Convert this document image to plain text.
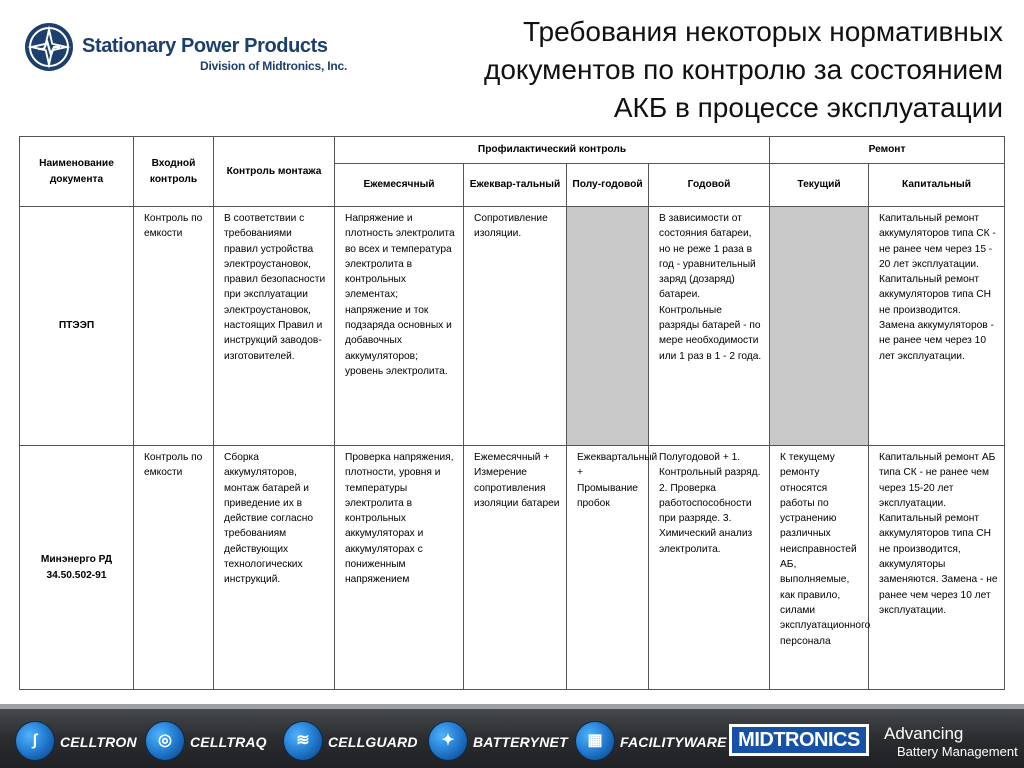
Stationary Power Products
Division of Midtronics, Inc.
Требования некоторых нормативных
документов по контролю за состоянием
АКБ в процессе эксплуатации
Наименование документа	Входной контроль	Контроль монтажа	Профилактический контроль				Ремонт	
			Ежемесячный	Ежеквар-тальный	Полу-годовой	Годовой	Текущий	Капитальный
ПТЭЭП	Контроль по емкости	В соответствии с требованиями правил устройства электроустановок, правил безопасности при эксплуатации электроустановок, настоящих Правил и инструкций заводов-изготовителей.	Напряжение и плотность электролита во всех и температура электролита в контрольных элементах; напряжение и ток подзаряда основных и добавочных аккумуляторов; уровень электролита.	Сопротивление изоляции.		В зависимости от состояния батареи, но не реже 1 раза в год - уравнительный заряд (дозаряд) батареи. Контрольные разряды батарей - по мере необходимости или 1 раз в 1 - 2 года.		Капитальный ремонт аккумуляторов типа СК - не ранее чем через 15 - 20 лет эксплуатации. Капитальный ремонт аккумуляторов типа СН не производится. Замена аккумуляторов - не ранее чем через 10 лет эксплуатации.
Минэнерго РД 34.50.502-91	Контроль по емкости	Сборка аккумуляторов, монтаж батарей и приведение их в действие согласно требованиям действующих технологических инструкций.	Проверка напряжения, плотности, уровня и температуры электролита в контрольных аккумуляторах и аккумуляторах с пониженным напряжением	Ежемесячный + Измерение сопротивления изоляции батареи	Ежеквартальный + Промывание пробок	Полугодовой + 1. Контрольный разряд. 2. Проверка работоспособности при разряде. 3. Химический анализ электролита.	К текущему ремонту относятся работы по устранению различных неисправностей АБ, выполняемые, как правило, силами эксплуатационного персонала	Капитальный ремонт АБ типа СК - не ранее чем через 15-20 лет эксплуатации. Капитальный ремонт аккумуляторов типа СН не производится, аккумуляторы заменяются. Замена - не ранее чем через 10 лет эксплуатации.
∫	CELLTRON	◎	CELLTRAQ	≋	CELLGUARD	✦	BATTERYNET	▦	FACILITYWARE MIDTRONICS	Advancing
Battery Management
